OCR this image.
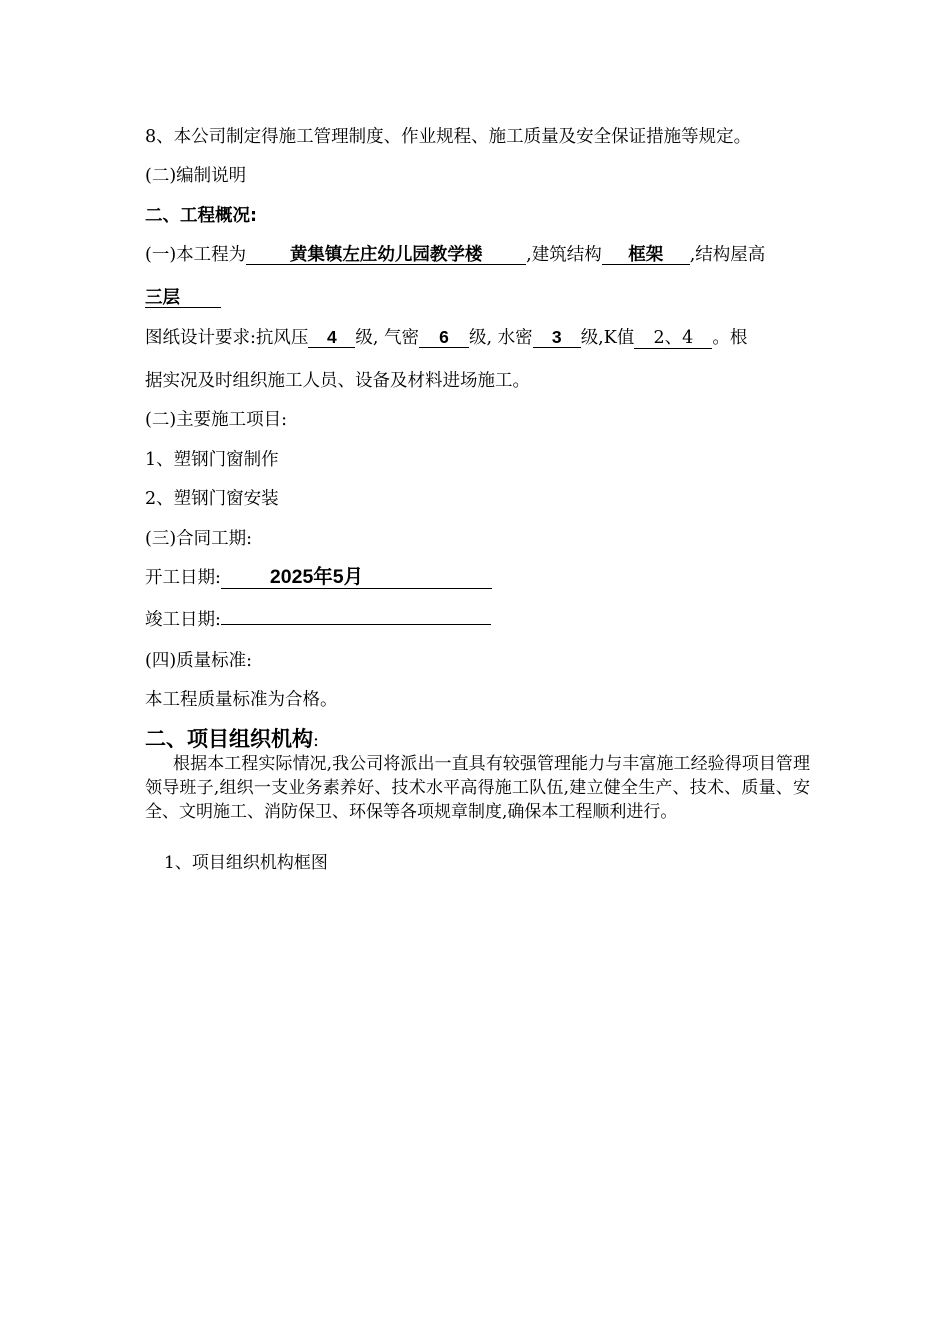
8、本公司制定得施工管理制度、作业规程、施工质量及安全保证措施等规定。
(二)编制说明
二、工程概况:
(一)本工程为	黄集镇左庄幼儿园教学楼	,建筑结构 框架 ,结构屋高
三层
图纸设计要求:抗风压 4 级, 气密 6 级, 水密 3 级,K值 2、4 。根
据实况及时组织施工人员、设备及材料进场施工。
(二)主要施工项目:
1、塑钢门窗制作
2、塑钢门窗安装
(三)合同工期:
开工日期:	2025年5月
竣工日期:
(四)质量标准:
本工程质量标准为合格。
二、项目组织机构:
根据本工程实际情况,我公司将派出一直具有较强管理能力与丰富施工经验得项目管理领导班子,组织一支业务素养好、技术水平高得施工队伍,建立健全生产、技术、质量、安全、文明施工、消防保卫、环保等各项规章制度,确保本工程顺利进行。
1、项目组织机构框图
